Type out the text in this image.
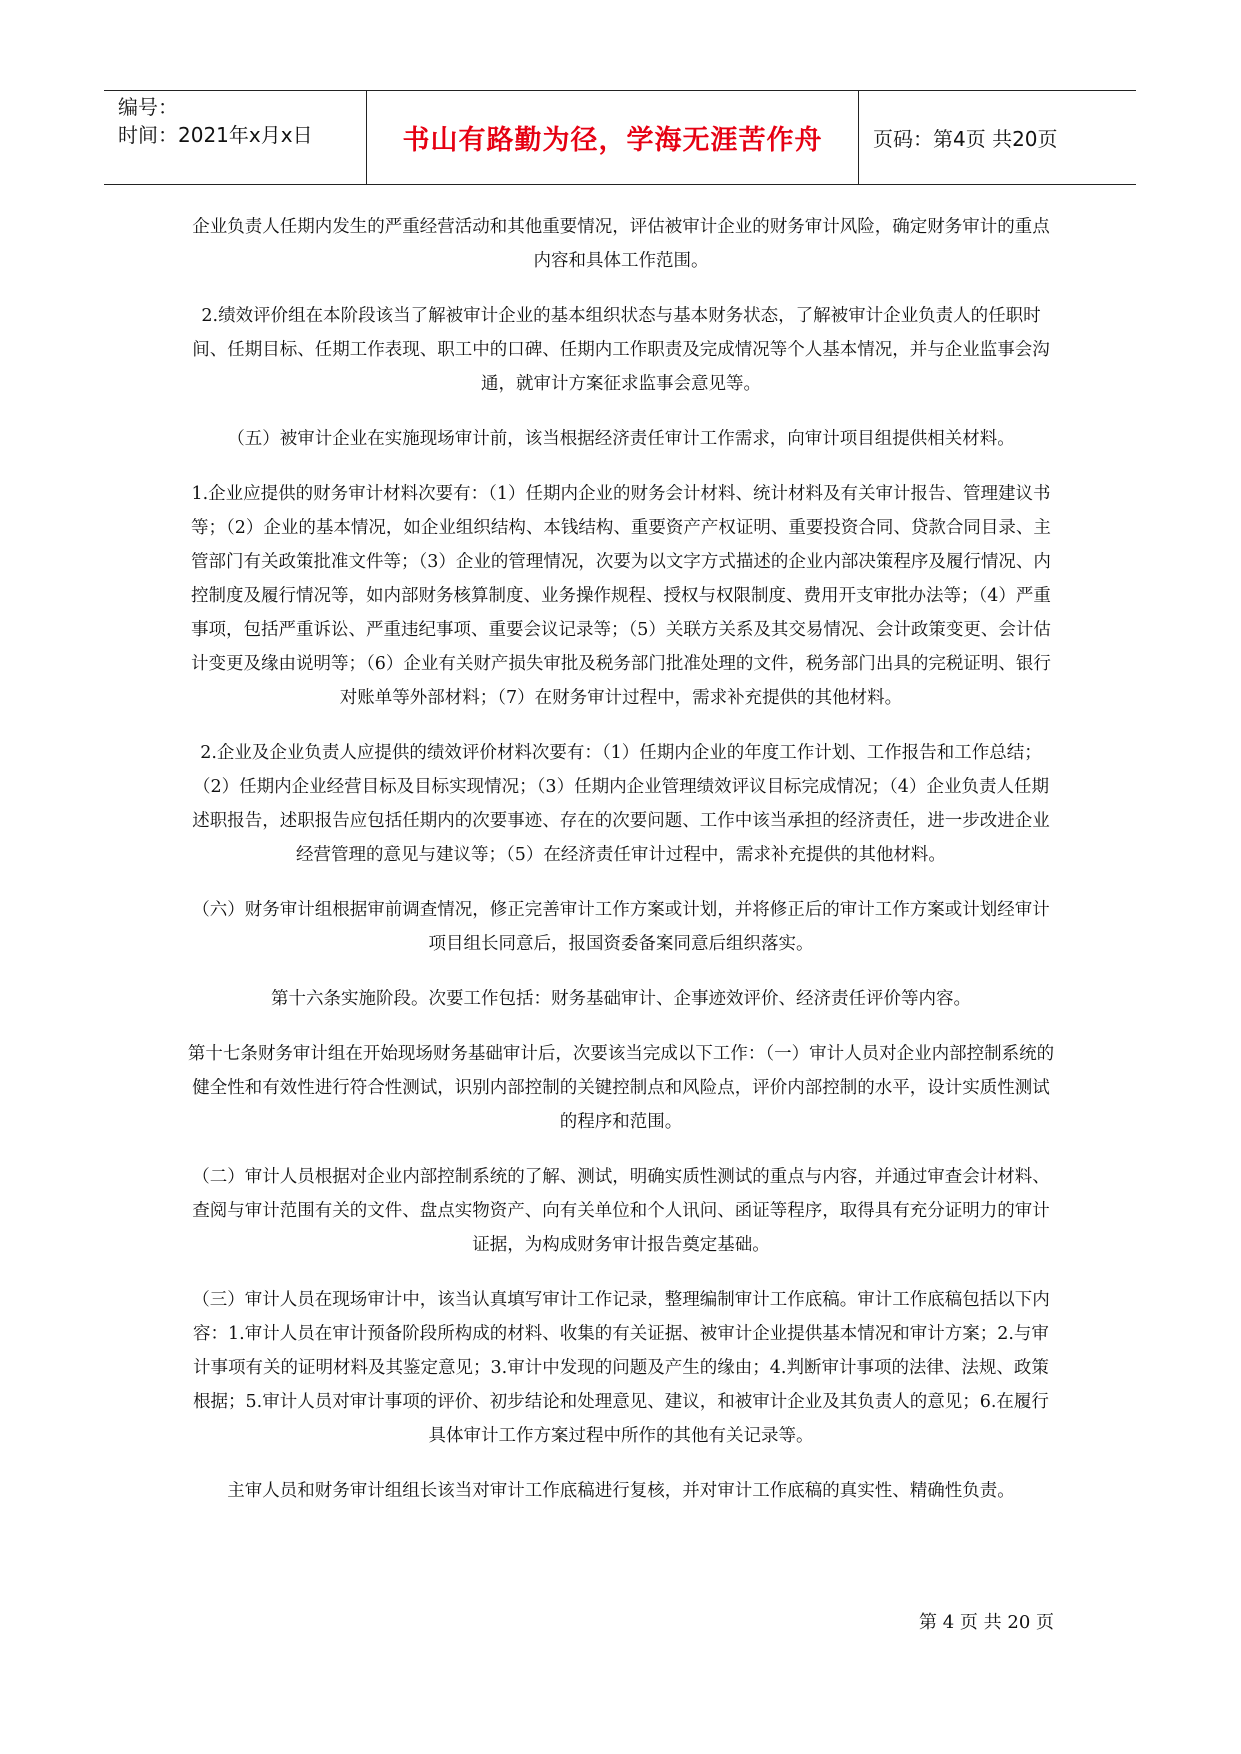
编号：
时间：2021年x月x日	书山有路勤为径，学海无涯苦作舟	页码：第4页 共20页

企业负责人任期内发生的严重经营活动和其他重要情况，评估被审计企业的财务审计风险，确定财务审计的重点内容和具体工作范围。

2.绩效评价组在本阶段该当了解被审计企业的基本组织状态与基本财务状态，了解被审计企业负责人的任职时间、任期目标、任期工作表现、职工中的口碑、任期内工作职责及完成情况等个人基本情况，并与企业监事会沟通，就审计方案征求监事会意见等。

（五）被审计企业在实施现场审计前，该当根据经济责任审计工作需求，向审计项目组提供相关材料。

1.企业应提供的财务审计材料次要有：（1）任期内企业的财务会计材料、统计材料及有关审计报告、管理建议书等；（2）企业的基本情况，如企业组织结构、本钱结构、重要资产产权证明、重要投资合同、贷款合同目录、主管部门有关政策批准文件等；（3）企业的管理情况，次要为以文字方式描述的企业内部决策程序及履行情况、内控制度及履行情况等，如内部财务核算制度、业务操作规程、授权与权限制度、费用开支审批办法等；（4）严重事项，包括严重诉讼、严重违纪事项、重要会议记录等；（5）关联方关系及其交易情况、会计政策变更、会计估计变更及缘由说明等；（6）企业有关财产损失审批及税务部门批准处理的文件，税务部门出具的完税证明、银行对账单等外部材料；（7）在财务审计过程中，需求补充提供的其他材料。

2.企业及企业负责人应提供的绩效评价材料次要有：（1）任期内企业的年度工作计划、工作报告和工作总结；（2）任期内企业经营目标及目标实现情况；（3）任期内企业管理绩效评议目标完成情况；（4）企业负责人任期述职报告，述职报告应包括任期内的次要事迹、存在的次要问题、工作中该当承担的经济责任，进一步改进企业经营管理的意见与建议等；（5）在经济责任审计过程中，需求补充提供的其他材料。

（六）财务审计组根据审前调查情况，修正完善审计工作方案或计划，并将修正后的审计工作方案或计划经审计项目组长同意后，报国资委备案同意后组织落实。

第十六条实施阶段。次要工作包括：财务基础审计、企事迹效评价、经济责任评价等内容。

第十七条财务审计组在开始现场财务基础审计后，次要该当完成以下工作：（一）审计人员对企业内部控制系统的健全性和有效性进行符合性测试，识别内部控制的关键控制点和风险点，评价内部控制的水平，设计实质性测试的程序和范围。

（二）审计人员根据对企业内部控制系统的了解、测试，明确实质性测试的重点与内容，并通过审查会计材料、查阅与审计范围有关的文件、盘点实物资产、向有关单位和个人讯问、函证等程序，取得具有充分证明力的审计证据，为构成财务审计报告奠定基础。

（三）审计人员在现场审计中，该当认真填写审计工作记录，整理编制审计工作底稿。审计工作底稿包括以下内容：1.审计人员在审计预备阶段所构成的材料、收集的有关证据、被审计企业提供基本情况和审计方案；2.与审计事项有关的证明材料及其鉴定意见；3.审计中发现的问题及产生的缘由；4.判断审计事项的法律、法规、政策根据；5.审计人员对审计事项的评价、初步结论和处理意见、建议，和被审计企业及其负责人的意见；6.在履行具体审计工作方案过程中所作的其他有关记录等。

主审人员和财务审计组组长该当对审计工作底稿进行复核，并对审计工作底稿的真实性、精确性负责。

第 4 页 共 20 页
